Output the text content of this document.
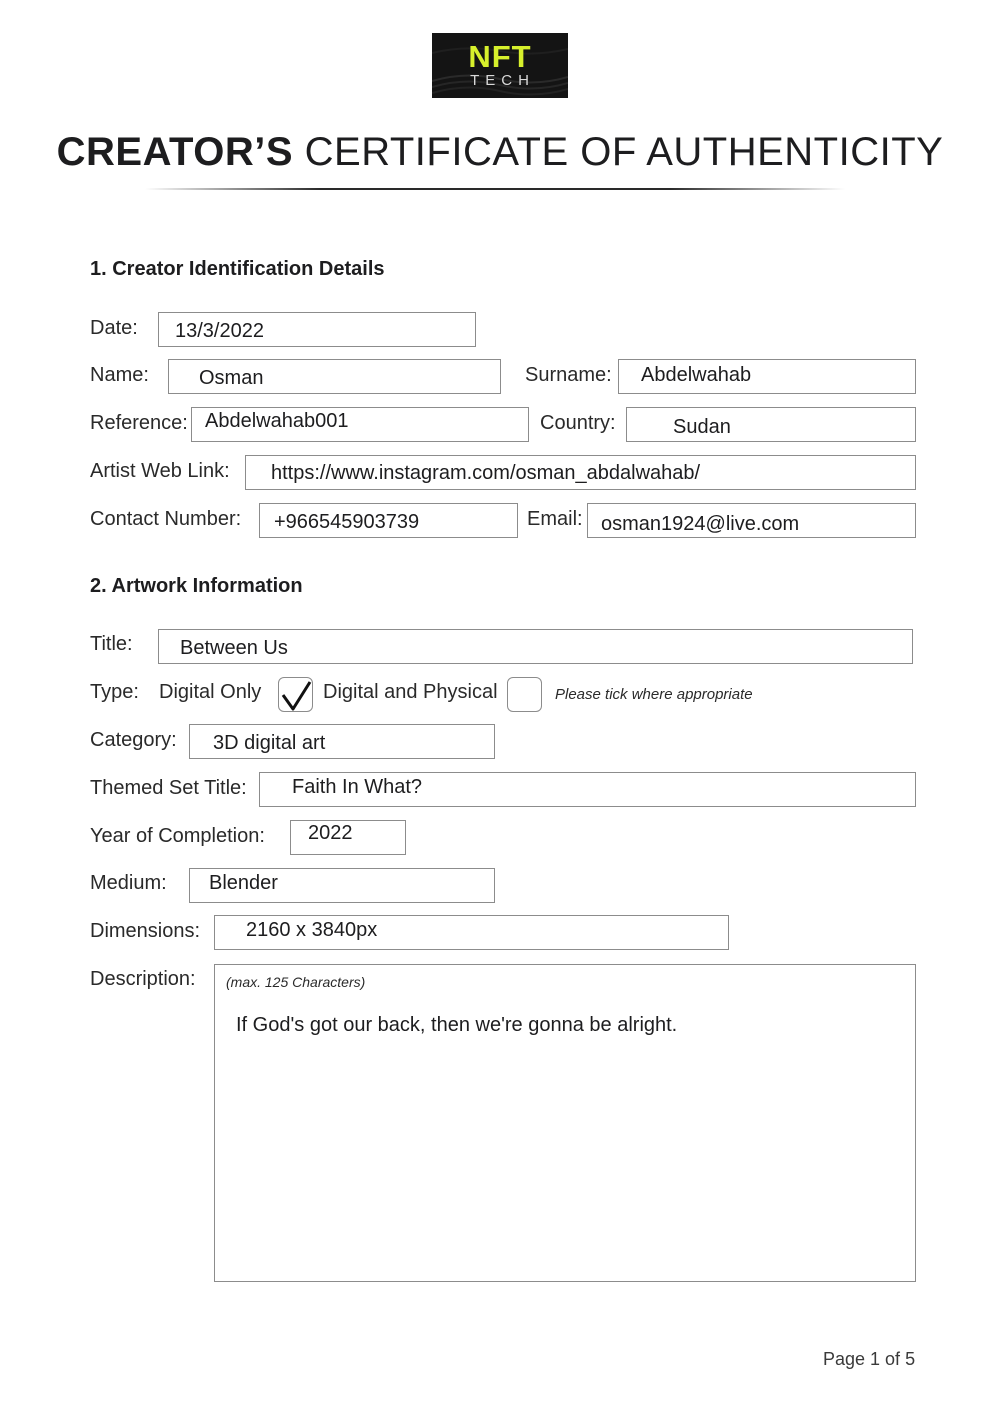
NFT
TECH
CREATOR’S CERTIFICATE OF AUTHENTICITY
1. Creator Identification Details
Date: 13/3/2022
Name:	Osman	Surname: Abdelwahab
Reference: Abdelwahab001	Country:	Sudan
Artist Web Link: https://www.instagram.com/osman_abdalwahab/
Contact Number: +966545903739	Email: osman1924@live.com
2. Artwork Information
Title: Between Us
Type: Digital Only	Digital and Physical	Please tick where appropriate
Category: 3D digital art
Themed Set Title: Faith In What?
Year of Completion: 2022
Medium: Blender
Dimensions: 2160 x 3840px
Description: (max. 125 Characters)
If God's got our back, then we're gonna be alright.
Page 1 of 5
